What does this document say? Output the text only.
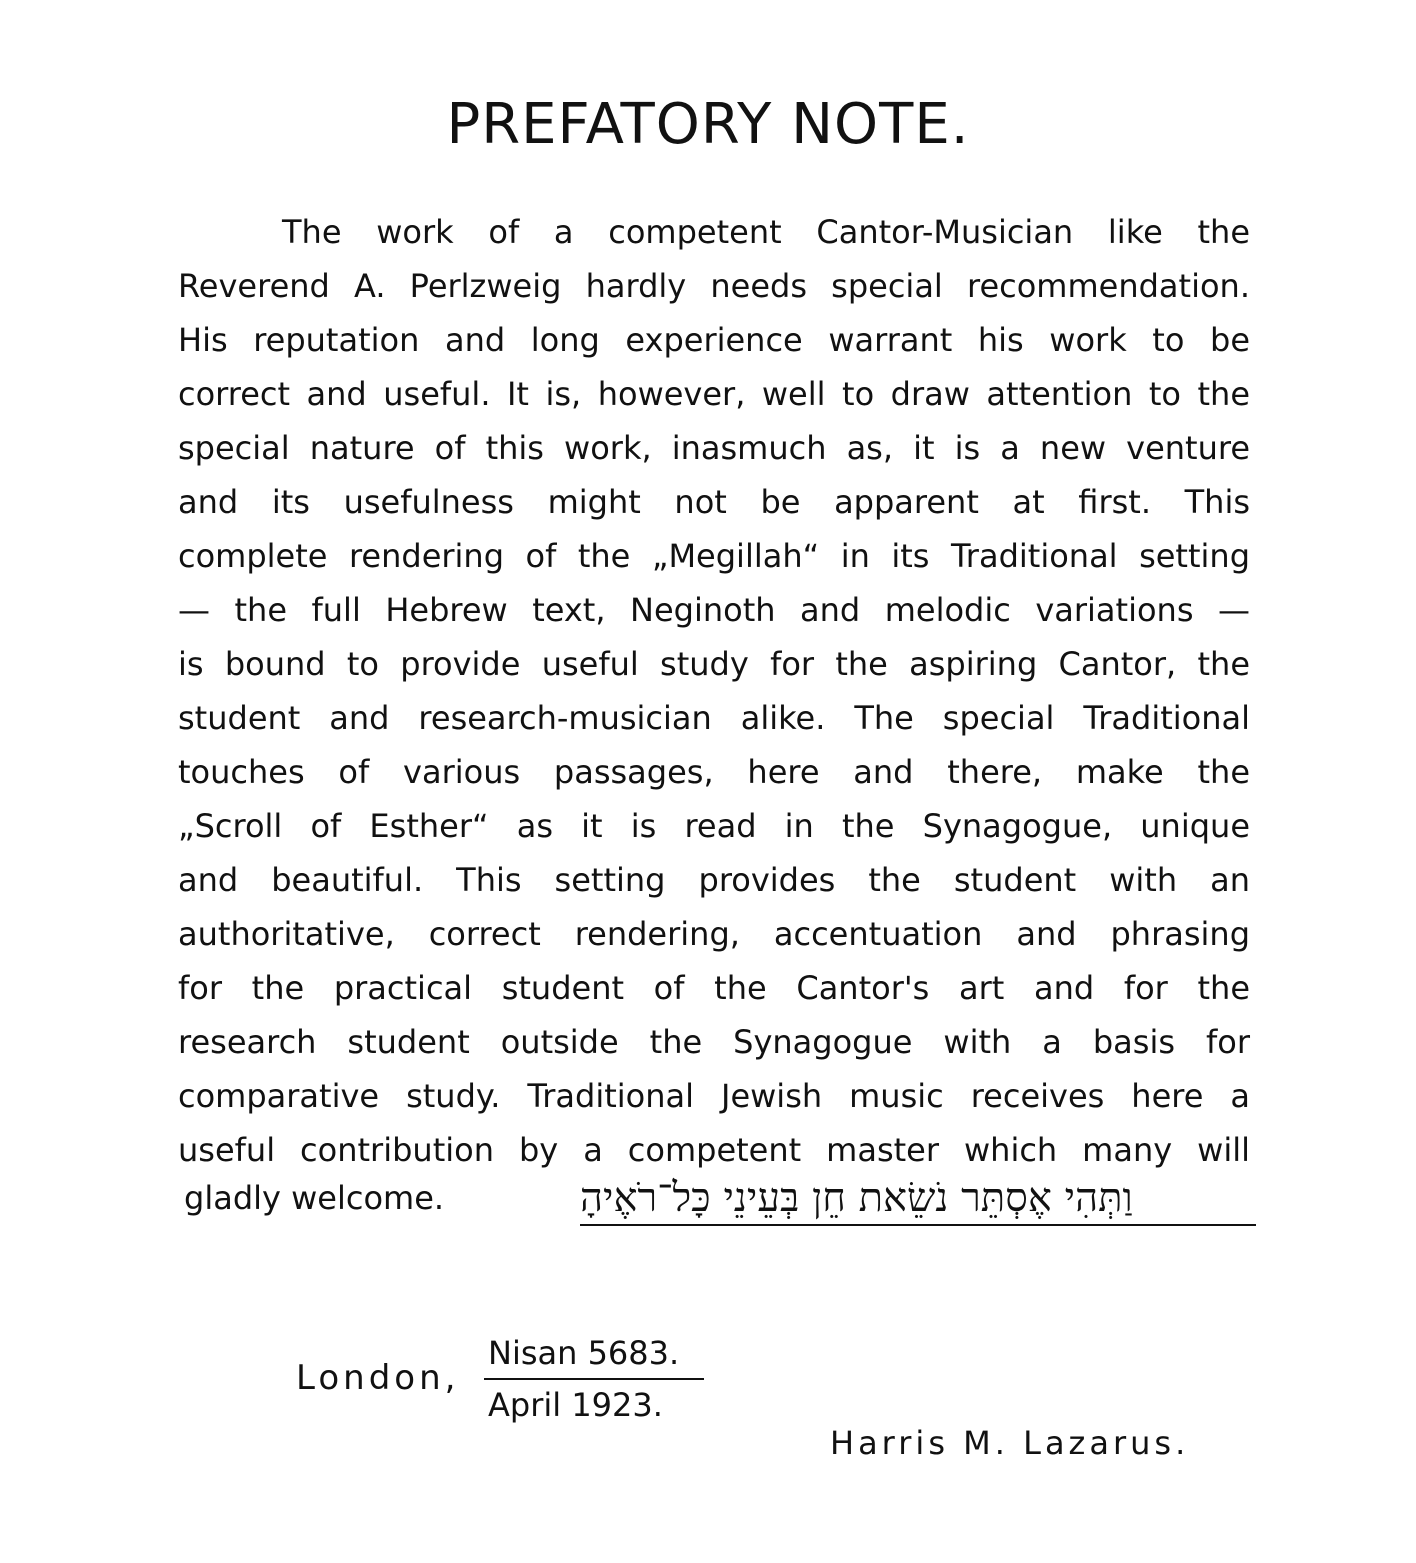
PREFATORY NOTE.
The work of a competent Cantor-Musician like the
Reverend A. Perlzweig hardly needs special recommendation.
His reputation and long experience warrant his work to be
correct and useful. It is, however, well to draw attention to the
special nature of this work, inasmuch as, it is a new venture
and its usefulness might not be apparent at first. This
complete rendering of the „Megillah“ in its Traditional setting
— the full Hebrew text, Neginoth and melodic variations —
is bound to provide useful study for the aspiring Cantor, the
student and research-musician alike. The special Traditional
touches of various passages, here and there, make the
„Scroll of Esther“ as it is read in the Synagogue, unique
and beautiful. This setting provides the student with an
authoritative, correct rendering, accentuation and phrasing
for the practical student of the Cantor's art and for the
research student outside the Synagogue with a basis for
comparative study. Traditional Jewish music receives here a
useful contribution by a competent master which many will
gladly welcome.	וַתְּהִי אֶסְתֵּר נֹשֵׂאת חֵן בְּעֵינֵי כָּל־רֹאֶיהָ
London,
Nisan 5683.
April 1923.
Harris M. Lazarus.
